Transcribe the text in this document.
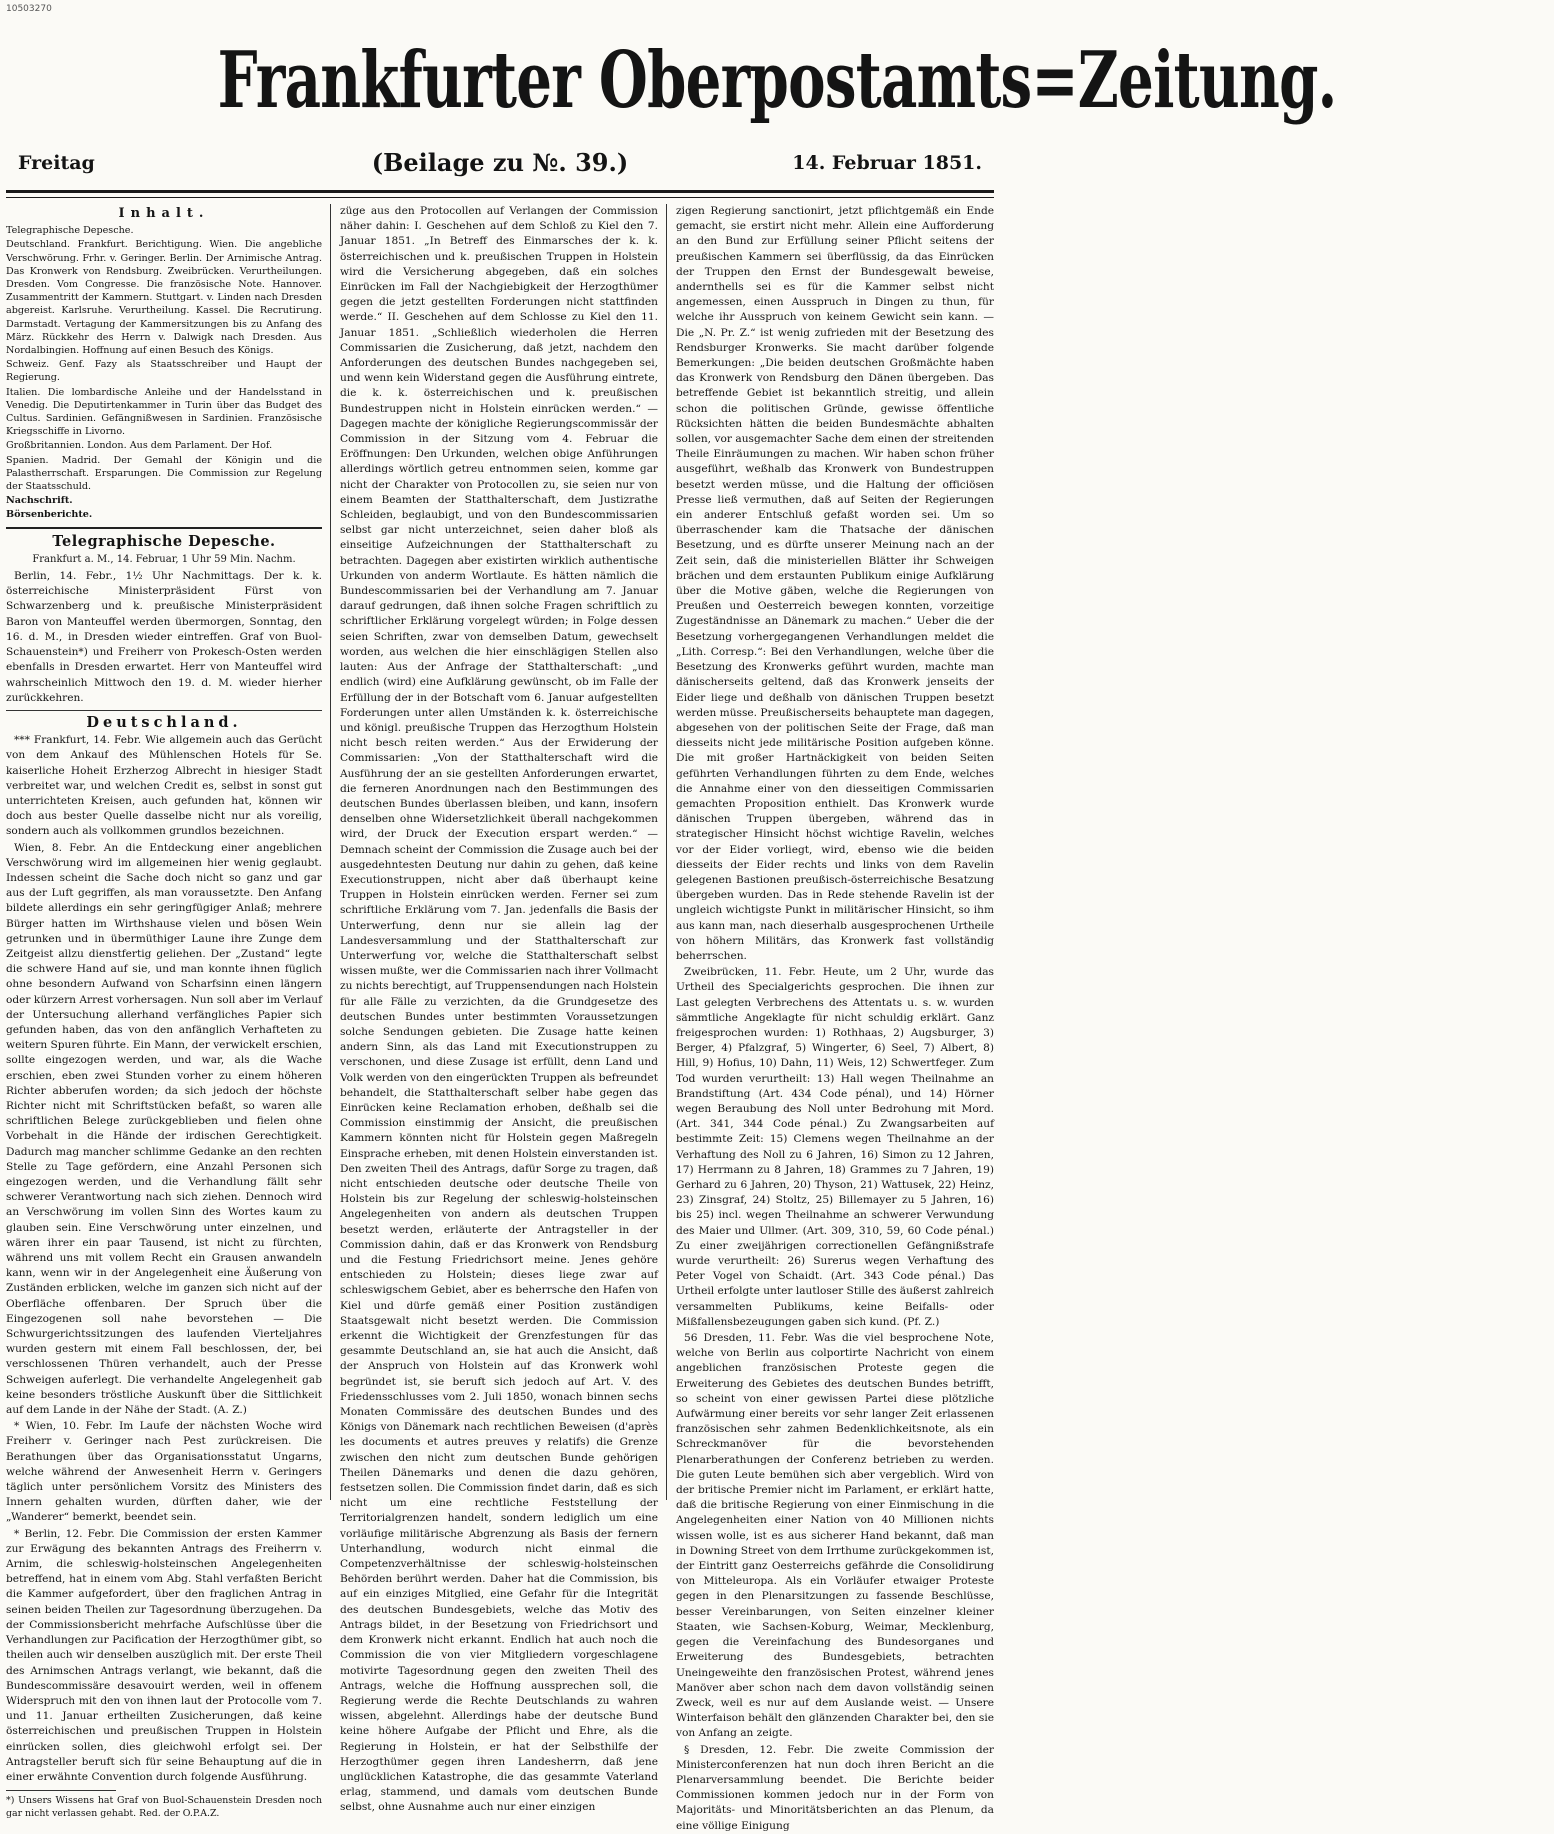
10503270
Frankfurter Oberpostamts=Zeitung.
Freitag	(Beilage zu №. 39.)	14. Februar 1851.
Inhalt.

Telegraphische Depesche.

Deutschland. Frankfurt. Berichtigung. Wien. Die angebliche Verschwörung. Frhr. v. Geringer. Berlin. Der Arnimische Antrag. Das Kronwerk von Rendsburg. Zweibrücken. Verurtheilungen. Dresden. Vom Congresse. Die französische Note. Hannover. Zusammentritt der Kammern. Stuttgart. v. Linden nach Dresden abgereist. Karlsruhe. Verurtheilung. Kassel. Die Recrutirung. Darmstadt. Vertagung der Kammersitzungen bis zu Anfang des März. Rückkehr des Herrn v. Dalwigk nach Dresden. Aus Nordalbingien. Hoffnung auf einen Besuch des Königs.

Schweiz. Genf. Fazy als Staatsschreiber und Haupt der Regierung.

Italien. Die lombardische Anleihe und der Handelsstand in Venedig. Die Deputirtenkammer in Turin über das Budget des Cultus. Sardinien. Gefängnißwesen in Sardinien. Französische Kriegsschiffe in Livorno.

Großbritannien. London. Aus dem Parlament. Der Hof.

Spanien. Madrid. Der Gemahl der Königin und die Palastherrschaft. Ersparungen. Die Commission zur Regelung der Staatsschuld.

Nachschrift.

Börsenberichte.

Telegraphische Depesche.
Frankfurt a. M., 14. Februar, 1 Uhr 59 Min. Nachm.

Berlin, 14. Febr., 1½ Uhr Nachmittags. Der k. k. österreichische Ministerpräsident Fürst von Schwarzenberg und k. preußische Ministerpräsident Baron von Manteuffel werden übermorgen, Sonntag, den 16. d. M., in Dresden wieder eintreffen. Graf von Buol-Schauenstein*) und Freiherr von Prokesch-Osten werden ebenfalls in Dresden erwartet. Herr von Manteuffel wird wahrscheinlich Mittwoch den 19. d. M. wieder hierher zurückkehren.

Deutschland.

*** Frankfurt, 14. Febr. Wie allgemein auch das Gerücht von dem Ankauf des Mühlenschen Hotels für Se. kaiserliche Hoheit Erzherzog Albrecht in hiesiger Stadt verbreitet war, und welchen Credit es, selbst in sonst gut unterrichteten Kreisen, auch gefunden hat, können wir doch aus bester Quelle dasselbe nicht nur als voreilig, sondern auch als vollkommen grundlos bezeichnen.

Wien, 8. Febr. An die Entdeckung einer angeblichen Verschwörung wird im allgemeinen hier wenig geglaubt. Indessen scheint die Sache doch nicht so ganz und gar aus der Luft gegriffen, als man voraussetzte. Den Anfang bildete allerdings ein sehr geringfügiger Anlaß; mehrere Bürger hatten im Wirthshause vielen und bösen Wein getrunken und in übermüthiger Laune ihre Zunge dem Zeitgeist allzu dienstfertig geliehen. Der „Zustand“ legte die schwere Hand auf sie, und man konnte ihnen füglich ohne besondern Aufwand von Scharfsinn einen längern oder kürzern Arrest vorhersagen. Nun soll aber im Verlauf der Untersuchung allerhand verfängliches Papier sich gefunden haben, das von den anfänglich Verhafteten zu weitern Spuren führte. Ein Mann, der verwickelt erschien, sollte eingezogen werden, und war, als die Wache erschien, eben zwei Stunden vorher zu einem höheren Richter abberufen worden; da sich jedoch der höchste Richter nicht mit Schriftstücken befaßt, so waren alle schriftlichen Belege zurückgeblieben und fielen ohne Vorbehalt in die Hände der irdischen Gerechtigkeit. Dadurch mag mancher schlimme Gedanke an den rechten Stelle zu Tage gefördern, eine Anzahl Personen sich eingezogen werden, und die Verhandlung fällt sehr schwerer Verantwortung nach sich ziehen. Dennoch wird an Verschwörung im vollen Sinn des Wortes kaum zu glauben sein. Eine Verschwörung unter einzelnen, und wären ihrer ein paar Tausend, ist nicht zu fürchten, während uns mit vollem Recht ein Grausen anwandeln kann, wenn wir in der Angelegenheit eine Äußerung von Zuständen erblicken, welche im ganzen sich nicht auf der Oberfläche offenbaren. Der Spruch über die Eingezogenen soll nahe bevorstehen — Die Schwurgerichtssitzungen des laufenden Vierteljahres wurden gestern mit einem Fall beschlossen, der, bei verschlossenen Thüren verhandelt, auch der Presse Schweigen auferlegt. Die verhandelte Angelegenheit gab keine besonders tröstliche Auskunft über die Sittlichkeit auf dem Lande in der Nähe der Stadt. (A. Z.)

* Wien, 10. Febr. Im Laufe der nächsten Woche wird Freiherr v. Geringer nach Pest zurückreisen. Die Berathungen über das Organisationsstatut Ungarns, welche während der Anwesenheit Herrn v. Geringers täglich unter persönlichem Vorsitz des Ministers des Innern gehalten wurden, dürften daher, wie der „Wanderer“ bemerkt, beendet sein.

* Berlin, 12. Febr. Die Commission der ersten Kammer zur Erwägung des bekannten Antrags des Freiherrn v. Arnim, die schleswig-holsteinschen Angelegenheiten betreffend, hat in einem vom Abg. Stahl verfaßten Bericht die Kammer aufgefordert, über den fraglichen Antrag in seinen beiden Theilen zur Tagesordnung überzugehen. Da der Commissionsbericht mehrfache Aufschlüsse über die Verhandlungen zur Pacification der Herzogthümer gibt, so theilen auch wir denselben auszüglich mit. Der erste Theil des Arnimschen Antrags verlangt, wie bekannt, daß die Bundescommissäre desavouirt werden, weil in offenem Widerspruch mit den von ihnen laut der Protocolle vom 7. und 11. Januar ertheilten Zusicherungen, daß keine österreichischen und preußischen Truppen in Holstein einrücken sollen, dies gleichwohl erfolgt sei. Der Antragsteller beruft sich für seine Behauptung auf die in einer erwähnte Convention durch folgende Ausführung.

*) Unsers Wissens hat Graf von Buol-Schauenstein Dresden noch gar nicht verlassen gehabt. Red. der O.P.A.Z.

züge aus den Protocollen auf Verlangen der Commission näher dahin: I. Geschehen auf dem Schloß zu Kiel den 7. Januar 1851. „In Betreff des Einmarsches der k. k. österreichischen und k. preußischen Truppen in Holstein wird die Versicherung abgegeben, daß ein solches Einrücken im Fall der Nachgiebigkeit der Herzogthümer gegen die jetzt gestellten Forderungen nicht stattfinden werde.“ II. Geschehen auf dem Schlosse zu Kiel den 11. Januar 1851. „Schließlich wiederholen die Herren Commissarien die Zusicherung, daß jetzt, nachdem den Anforderungen des deutschen Bundes nachgegeben sei, und wenn kein Widerstand gegen die Ausführung eintrete, die k. k. österreichischen und k. preußischen Bundestruppen nicht in Holstein einrücken werden.“ — Dagegen machte der königliche Regierungscommissär der Commission in der Sitzung vom 4. Februar die Eröffnungen: Den Urkunden, welchen obige Anführungen allerdings wörtlich getreu entnommen seien, komme gar nicht der Charakter von Protocollen zu, sie seien nur von einem Beamten der Statthalterschaft, dem Justizrathe Schleiden, beglaubigt, und von den Bundescommissarien selbst gar nicht unterzeichnet, seien daher bloß als einseitige Aufzeichnungen der Statthalterschaft zu betrachten. Dagegen aber existirten wirklich authentische Urkunden von anderm Wortlaute. Es hätten nämlich die Bundescommissarien bei der Verhandlung am 7. Januar darauf gedrungen, daß ihnen solche Fragen schriftlich zu schriftlicher Erklärung vorgelegt würden; in Folge dessen seien Schriften, zwar von demselben Datum, gewechselt worden, aus welchen die hier einschlägigen Stellen also lauten: Aus der Anfrage der Statthalterschaft: „und endlich (wird) eine Aufklärung gewünscht, ob im Falle der Erfüllung der in der Botschaft vom 6. Januar aufgestellten Forderungen unter allen Umständen k. k. österreichische und königl. preußische Truppen das Herzogthum Holstein nicht besch reiten werden.“ Aus der Erwiderung der Commissarien: „Von der Statthalterschaft wird die Ausführung der an sie gestellten Anforderungen erwartet, die ferneren Anordnungen nach den Bestimmungen des deutschen Bundes überlassen bleiben, und kann, insofern denselben ohne Widersetzlichkeit überall nachgekommen wird, der Druck der Execution erspart werden.“ — Demnach scheint der Commission die Zusage auch bei der ausgedehntesten Deutung nur dahin zu gehen, daß keine Executionstruppen, nicht aber daß überhaupt keine Truppen in Holstein einrücken werden. Ferner sei zum schriftliche Erklärung vom 7. Jan. jedenfalls die Basis der Unterwerfung, denn nur sie allein lag der Landesversammlung und der Statthalterschaft zur Unterwerfung vor, welche die Statthalterschaft selbst wissen mußte, wer die Commissarien nach ihrer Vollmacht zu nichts berechtigt, auf Truppensendungen nach Holstein für alle Fälle zu verzichten, da die Grundgesetze des deutschen Bundes unter bestimmten Voraussetzungen solche Sendungen gebieten. Die Zusage hatte keinen andern Sinn, als das Land mit Executionstruppen zu verschonen, und diese Zusage ist erfüllt, denn Land und Volk werden von den eingerückten Truppen als befreundet behandelt, die Statthalterschaft selber habe gegen das Einrücken keine Reclamation erhoben, deßhalb sei die Commission einstimmig der Ansicht, die preußischen Kammern könnten nicht für Holstein gegen Maßregeln Einsprache erheben, mit denen Holstein einverstanden ist. Den zweiten Theil des Antrags, dafür Sorge zu tragen, daß nicht entschieden deutsche oder deutsche Theile von Holstein bis zur Regelung der schleswig-holsteinschen Angelegenheiten von andern als deutschen Truppen besetzt werden, erläuterte der Antragsteller in der Commission dahin, daß er das Kronwerk von Rendsburg und die Festung Friedrichsort meine. Jenes gehöre entschieden zu Holstein; dieses liege zwar auf schleswigschem Gebiet, aber es beherrsche den Hafen von Kiel und dürfe gemäß einer Position zuständigen Staatsgewalt nicht besetzt werden. Die Commission erkennt die Wichtigkeit der Grenzfestungen für das gesammte Deutschland an, sie hat auch die Ansicht, daß der Anspruch von Holstein auf das Kronwerk wohl begründet ist, sie beruft sich jedoch auf Art. V. des Friedensschlusses vom 2. Juli 1850, wonach binnen sechs Monaten Commissäre des deutschen Bundes und des Königs von Dänemark nach rechtlichen Beweisen (d'après les documents et autres preuves y relatifs) die Grenze zwischen den nicht zum deutschen Bunde gehörigen Theilen Dänemarks und denen die dazu gehören, festsetzen sollen. Die Commission findet darin, daß es sich nicht um eine rechtliche Feststellung der Territorialgrenzen handelt, sondern lediglich um eine vorläufige militärische Abgrenzung als Basis der fernern Unterhandlung, wodurch nicht einmal die Competenzverhältnisse der schleswig-holsteinschen Behörden berührt werden. Daher hat die Commission, bis auf ein einziges Mitglied, eine Gefahr für die Integrität des deutschen Bundesgebiets, welche das Motiv des Antrags bildet, in der Besetzung von Friedrichsort und dem Kronwerk nicht erkannt. Endlich hat auch noch die Commission die von vier Mitgliedern vorgeschlagene motivirte Tagesordnung gegen den zweiten Theil des Antrags, welche die Hoffnung aussprechen soll, die Regierung werde die Rechte Deutschlands zu wahren wissen, abgelehnt. Allerdings habe der deutsche Bund keine höhere Aufgabe der Pflicht und Ehre, als die Regierung in Holstein, er hat der Selbsthilfe der Herzogthümer gegen ihren Landesherrn, daß jene unglücklichen Katastrophe, die das gesammte Vaterland erlag, stammend, und damals vom deutschen Bunde selbst, ohne Ausnahme auch nur einer einzigen

zigen Regierung sanctionirt, jetzt pflichtgemäß ein Ende gemacht, sie erstirt nicht mehr. Allein eine Aufforderung an den Bund zur Erfüllung seiner Pflicht seitens der preußischen Kammern sei überflüssig, da das Einrücken der Truppen den Ernst der Bundesgewalt beweise, andernthells sei es für die Kammer selbst nicht angemessen, einen Ausspruch in Dingen zu thun, für welche ihr Ausspruch von keinem Gewicht sein kann. — Die „N. Pr. Z.“ ist wenig zufrieden mit der Besetzung des Rendsburger Kronwerks. Sie macht darüber folgende Bemerkungen: „Die beiden deutschen Großmächte haben das Kronwerk von Rendsburg den Dänen übergeben. Das betreffende Gebiet ist bekanntlich streitig, und allein schon die politischen Gründe, gewisse öffentliche Rücksichten hätten die beiden Bundesmächte abhalten sollen, vor ausgemachter Sache dem einen der streitenden Theile Einräumungen zu machen. Wir haben schon früher ausgeführt, weßhalb das Kronwerk von Bundestruppen besetzt werden müsse, und die Haltung der officiösen Presse ließ vermuthen, daß auf Seiten der Regierungen ein anderer Entschluß gefaßt worden sei. Um so überraschender kam die Thatsache der dänischen Besetzung, und es dürfte unserer Meinung nach an der Zeit sein, daß die ministeriellen Blätter ihr Schweigen brächen und dem erstaunten Publikum einige Aufklärung über die Motive gäben, welche die Regierungen von Preußen und Oesterreich bewegen konnten, vorzeitige Zugeständnisse an Dänemark zu machen.“ Ueber die der Besetzung vorhergegangenen Verhandlungen meldet die „Lith. Corresp.“: Bei den Verhandlungen, welche über die Besetzung des Kronwerks geführt wurden, machte man dänischerseits geltend, daß das Kronwerk jenseits der Eider liege und deßhalb von dänischen Truppen besetzt werden müsse. Preußischerseits behauptete man dagegen, abgesehen von der politischen Seite der Frage, daß man diesseits nicht jede militärische Position aufgeben könne. Die mit großer Hartnäckigkeit von beiden Seiten geführten Verhandlungen führten zu dem Ende, welches die Annahme einer von den diesseitigen Commissarien gemachten Proposition enthielt. Das Kronwerk wurde dänischen Truppen übergeben, während das in strategischer Hinsicht höchst wichtige Ravelin, welches vor der Eider vorliegt, wird, ebenso wie die beiden diesseits der Eider rechts und links von dem Ravelin gelegenen Bastionen preußisch-österreichische Besatzung übergeben wurden. Das in Rede stehende Ravelin ist der ungleich wichtigste Punkt in militärischer Hinsicht, so ihm aus kann man, nach dieserhalb ausgesprochenen Urtheile von höhern Militärs, das Kronwerk fast vollständig beherrschen.

Zweibrücken, 11. Febr. Heute, um 2 Uhr, wurde das Urtheil des Specialgerichts gesprochen. Die ihnen zur Last gelegten Verbrechens des Attentats u. s. w. wurden sämmtliche Angeklagte für nicht schuldig erklärt. Ganz freigesprochen wurden: 1) Rothhaas, 2) Augsburger, 3) Berger, 4) Pfalzgraf, 5) Wingerter, 6) Seel, 7) Albert, 8) Hill, 9) Hofius, 10) Dahn, 11) Weis, 12) Schwertfeger. Zum Tod wurden verurtheilt: 13) Hall wegen Theilnahme an Brandstiftung (Art. 434 Code pénal), und 14) Hörner wegen Beraubung des Noll unter Bedrohung mit Mord. (Art. 341, 344 Code pénal.) Zu Zwangsarbeiten auf bestimmte Zeit: 15) Clemens wegen Theilnahme an der Verhaftung des Noll zu 6 Jahren, 16) Simon zu 12 Jahren, 17) Herrmann zu 8 Jahren, 18) Grammes zu 7 Jahren, 19) Gerhard zu 6 Jahren, 20) Thyson, 21) Wattusek, 22) Heinz, 23) Zinsgraf, 24) Stoltz, 25) Billemayer zu 5 Jahren, 16) bis 25) incl. wegen Theilnahme an schwerer Verwundung des Maier und Ullmer. (Art. 309, 310, 59, 60 Code pénal.) Zu einer zweijährigen correctionellen Gefängnißstrafe wurde verurtheilt: 26) Surerus wegen Verhaftung des Peter Vogel von Schaidt. (Art. 343 Code pénal.) Das Urtheil erfolgte unter lautloser Stille des äußerst zahlreich versammelten Publikums, keine Beifalls- oder Mißfallensbezeugungen gaben sich kund. (Pf. Z.)

56 Dresden, 11. Febr. Was die viel besprochene Note, welche von Berlin aus colportirte Nachricht von einem angeblichen französischen Proteste gegen die Erweiterung des Gebietes des deutschen Bundes betrifft, so scheint von einer gewissen Partei diese plötzliche Aufwärmung einer bereits vor sehr langer Zeit erlassenen französischen sehr zahmen Bedenklichkeitsnote, als ein Schreckmanöver für die bevorstehenden Plenarberathungen der Conferenz betrieben zu werden. Die guten Leute bemühen sich aber vergeblich. Wird von der britische Premier nicht im Parlament, er erklärt hatte, daß die britische Regierung von einer Einmischung in die Angelegenheiten einer Nation von 40 Millionen nichts wissen wolle, ist es aus sicherer Hand bekannt, daß man in Downing Street von dem Irrthume zurückgekommen ist, der Eintritt ganz Oesterreichs gefährde die Consolidirung von Mitteleuropa. Als ein Vorläufer etwaiger Proteste gegen in den Plenarsitzungen zu fassende Beschlüsse, besser Vereinbarungen, von Seiten einzelner kleiner Staaten, wie Sachsen-Koburg, Weimar, Mecklenburg, gegen die Vereinfachung des Bundesorganes und Erweiterung des Bundesgebiets, betrachten Uneingeweihte den französischen Protest, während jenes Manöver aber schon nach dem davon vollständig seinen Zweck, weil es nur auf dem Auslande weist. — Unsere Winterfaison behält den glänzenden Charakter bei, den sie von Anfang an zeigte.

§ Dresden, 12. Febr. Die zweite Commission der Ministerconferenzen hat nun doch ihren Bericht an die Plenarversammlung beendet. Die Berichte beider Commissionen kommen jedoch nur in der Form von Majoritäts- und Minoritätsberichten an das Plenum, da eine völlige Einigung
